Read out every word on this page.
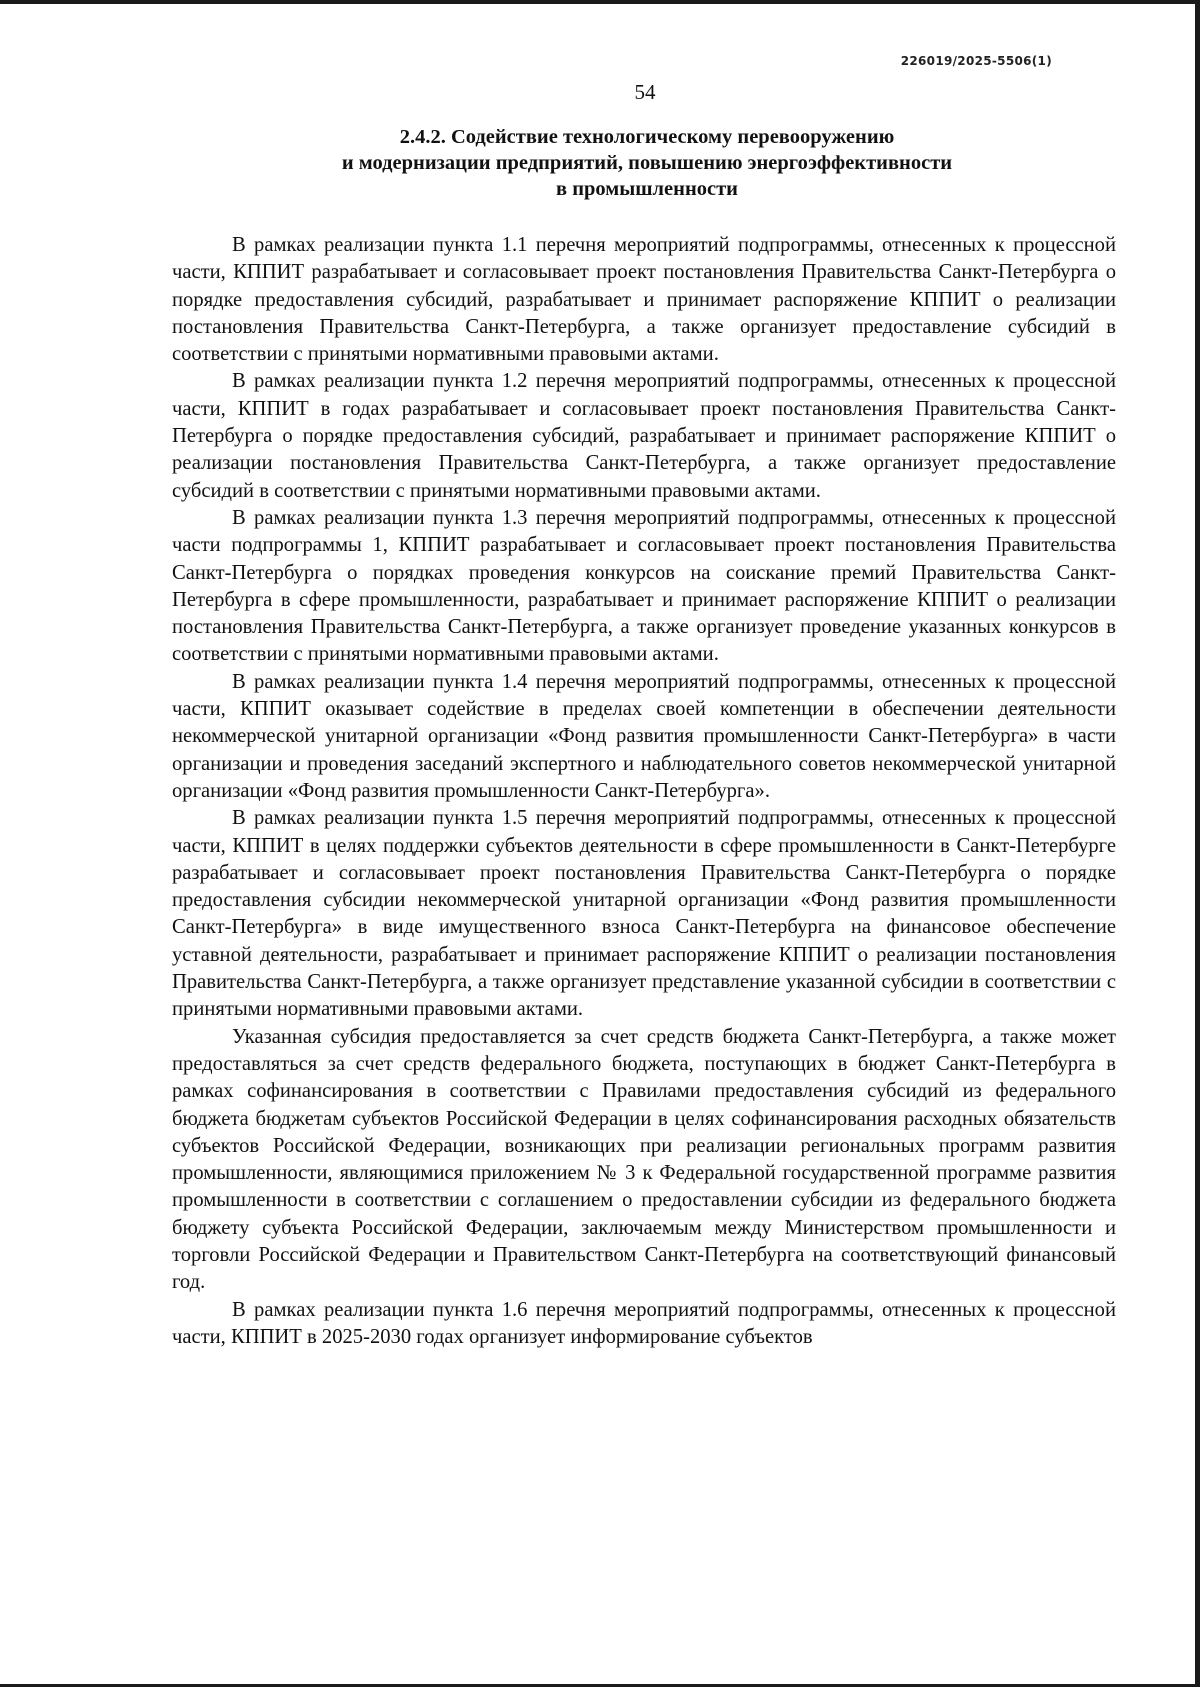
226019/2025-5506(1)
54
2.4.2. Содействие технологическому перевооружению
и модернизации предприятий, повышению энергоэффективности
в промышленности

В рамках реализации пункта 1.1 перечня мероприятий подпрограммы, отнесенных к процессной части, КППИТ разрабатывает и согласовывает проект постановления Правительства Санкт-Петербурга о порядке предоставления субсидий, разрабатывает и принимает распоряжение КППИТ о реализации постановления Правительства Санкт-Петербурга, а также организует предоставление субсидий в соответствии с принятыми нормативными правовыми актами.

В рамках реализации пункта 1.2 перечня мероприятий подпрограммы, отнесенных к процессной части, КППИТ в годах разрабатывает и согласовывает проект постановления Правительства Санкт-Петербурга о порядке предоставления субсидий, разрабатывает и принимает распоряжение КППИТ о реализации постановления Правительства Санкт-Петербурга, а также организует предоставление субсидий в соответствии с принятыми нормативными правовыми актами.

В рамках реализации пункта 1.3 перечня мероприятий подпрограммы, отнесенных к процессной части подпрограммы 1, КППИТ разрабатывает и согласовывает проект постановления Правительства Санкт-Петербурга о порядках проведения конкурсов на соискание премий Правительства Санкт-Петербурга в сфере промышленности, разрабатывает и принимает распоряжение КППИТ о реализации постановления Правительства Санкт-Петербурга, а также организует проведение указанных конкурсов в соответствии с принятыми нормативными правовыми актами.

В рамках реализации пункта 1.4 перечня мероприятий подпрограммы, отнесенных к процессной части, КППИТ оказывает содействие в пределах своей компетенции в обеспечении деятельности некоммерческой унитарной организации «Фонд развития промышленности Санкт-Петербурга» в части организации и проведения заседаний экспертного и наблюдательного советов некоммерческой унитарной организации «Фонд развития промышленности Санкт-Петербурга».

В рамках реализации пункта 1.5 перечня мероприятий подпрограммы, отнесенных к процессной части, КППИТ в целях поддержки субъектов деятельности в сфере промышленности в Санкт-Петербурге разрабатывает и согласовывает проект постановления Правительства Санкт-Петербурга о порядке предоставления субсидии некоммерческой унитарной организации «Фонд развития промышленности Санкт-Петербурга» в виде имущественного взноса Санкт-Петербурга на финансовое обеспечение уставной деятельности, разрабатывает и принимает распоряжение КППИТ о реализации постановления Правительства Санкт-Петербурга, а также организует представление указанной субсидии в соответствии с принятыми нормативными правовыми актами.

Указанная субсидия предоставляется за счет средств бюджета Санкт-Петербурга, а также может предоставляться за счет средств федерального бюджета, поступающих в бюджет Санкт-Петербурга в рамках софинансирования в соответствии с Правилами предоставления субсидий из федерального бюджета бюджетам субъектов Российской Федерации в целях софинансирования расходных обязательств субъектов Российской Федерации, возникающих при реализации региональных программ развития промышленности, являющимися приложением № 3 к Федеральной государственной программе развития промышленности в соответствии с соглашением о предоставлении субсидии из федерального бюджета бюджету субъекта Российской Федерации, заключаемым между Министерством промышленности и торговли Российской Федерации и Правительством Санкт-Петербурга на соответствующий финансовый год.

В рамках реализации пункта 1.6 перечня мероприятий подпрограммы, отнесенных к процессной части, КППИТ в 2025-2030 годах организует информирование субъектов
